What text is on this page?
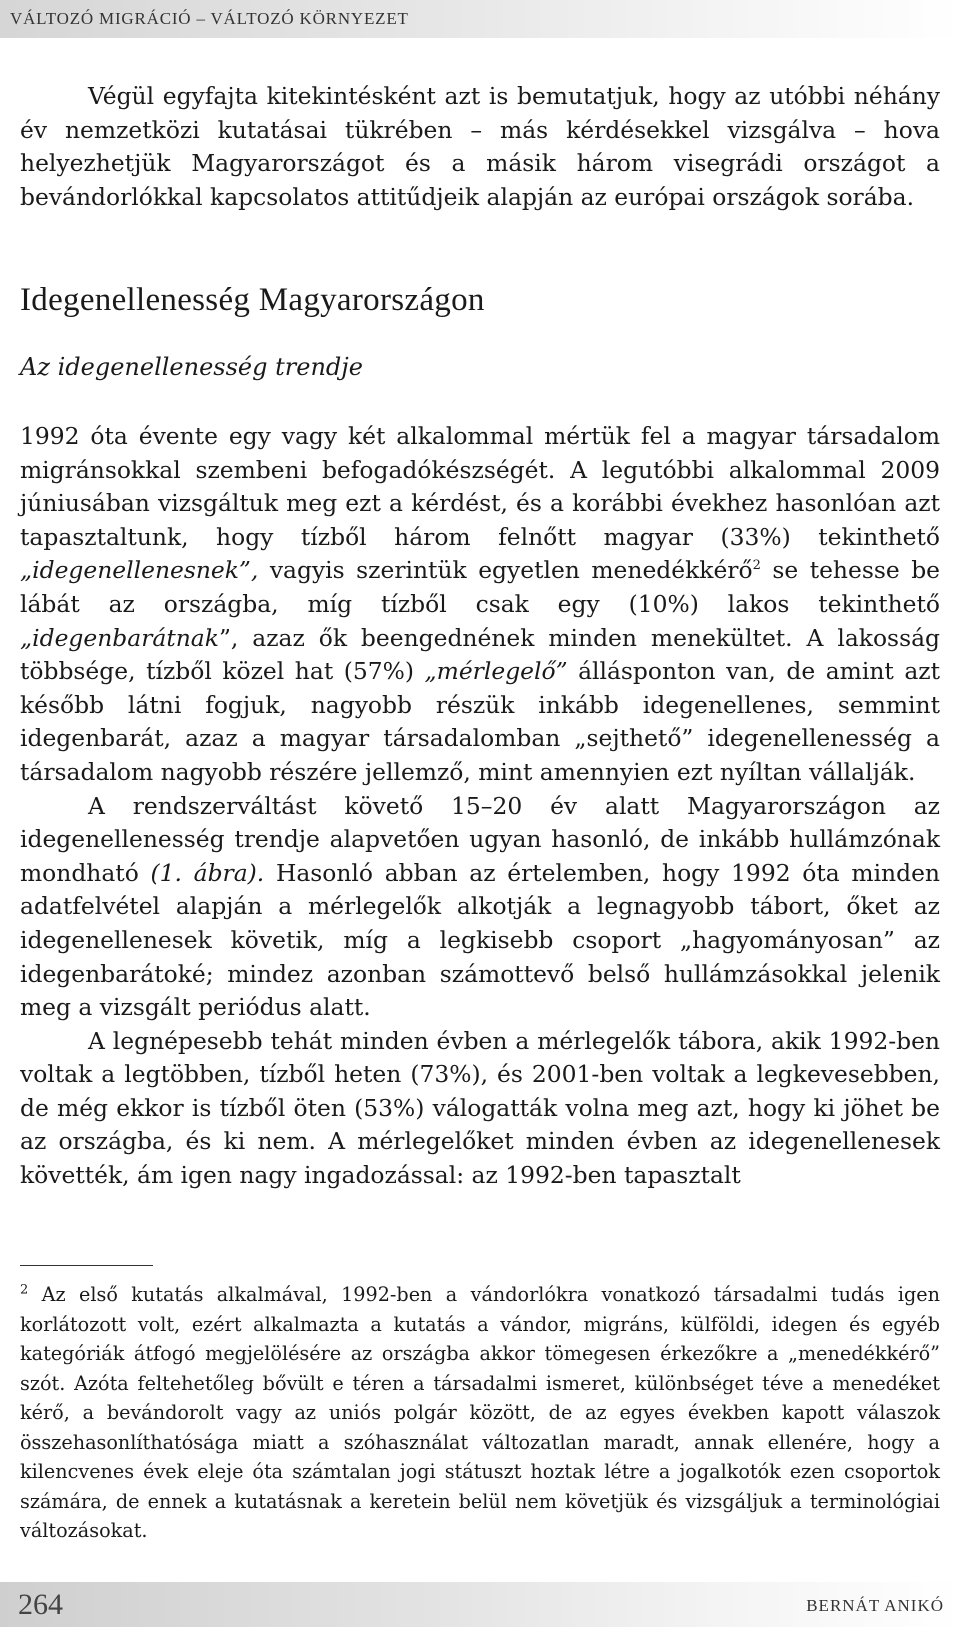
VÁLTOZÓ MIGRÁCIÓ – VÁLTOZÓ KÖRNYEZET

Végül egyfajta kitekintésként azt is bemutatjuk, hogy az utóbbi néhány év nemzetközi kutatásai tükrében – más kérdésekkel vizsgálva – hova helyezhetjük Magyarországot és a másik három visegrádi országot a bevándorlókkal kapcsolatos attitűdjeik alapján az európai országok sorába.

Idegenellenesség Magyarországon
Az idegenellenesség trendje

1992 óta évente egy vagy két alkalommal mértük fel a magyar társadalom migránsokkal szembeni befogadókészségét. A legutóbbi alkalommal 2009 júniusában vizsgáltuk meg ezt a kérdést, és a korábbi évekhez hasonlóan azt tapasztaltunk, hogy tízből három felnőtt magyar (33%) tekinthető „idegenellenesnek”, vagyis szerintük egyetlen menedékkérő$^2$ se tehesse be lábát az országba, míg tízből csak egy (10%) lakos tekinthető „idegenbarátnak”, azaz ők beengednének minden menekültet. A lakosság többsége, tízből közel hat (57%) „mérlegelő” állásponton van, de amint azt később látni fogjuk, nagyobb részük inkább idegenellenes, semmint idegenbarát, azaz a magyar társadalomban „sejthető” idegenellenesség a társadalom nagyobb részére jellemző, mint amennyien ezt nyíltan vállalják.

A rendszerváltást követő 15–20 év alatt Magyarországon az idegenellenesség trendje alapvetően ugyan hasonló, de inkább hullámzónak mondható (1. ábra). Hasonló abban az értelemben, hogy 1992 óta minden adatfelvétel alapján a mérlegelők alkotják a legnagyobb tábort, őket az idegenellenesek követik, míg a legkisebb csoport „hagyományosan” az idegenbarátoké; mindez azonban számottevő belső hullámzásokkal jelenik meg a vizsgált periódus alatt.

A legnépesebb tehát minden évben a mérlegelők tábora, akik 1992-ben voltak a legtöbben, tízből heten (73%), és 2001-ben voltak a legkevesebben, de még ekkor is tízből öten (53%) válogatták volna meg azt, hogy ki jöhet be az országba, és ki nem. A mérlegelőket minden évben az idegenellenesek követték, ám igen nagy ingadozással: az 1992-ben tapasztalt

$^2$ Az első kutatás alkalmával, 1992-ben a vándorlókra vonatkozó társadalmi tudás igen korlátozott volt, ezért alkalmazta a kutatás a vándor, migráns, külföldi, idegen és egyéb kategóriák átfogó megjelölésére az országba akkor tömegesen érkezőkre a „menedékkérő” szót. Azóta feltehetőleg bővült e téren a társadalmi ismeret, különbséget téve a menedéket kérő, a bevándorolt vagy az uniós polgár között, de az egyes években kapott válaszok összehasonlíthatósága miatt a szóhasználat változatlan maradt, annak ellenére, hogy a kilencvenes évek eleje óta számtalan jogi státuszt hoztak létre a jogalkotók ezen csoportok számára, de ennek a kutatásnak a keretein belül nem követjük és vizsgáljuk a terminológiai változásokat.
264	BERNÁT ANIKÓ
